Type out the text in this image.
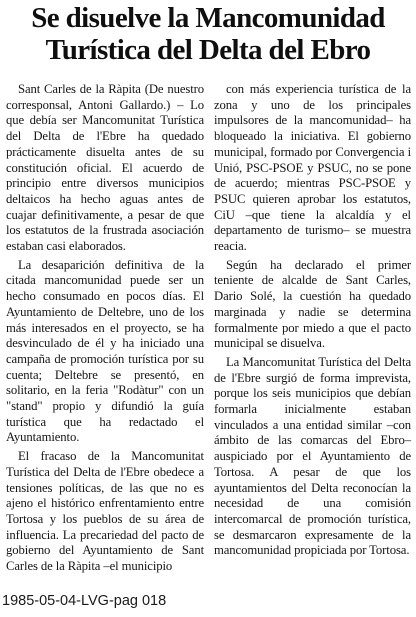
Se disuelve la Mancomunidad
Turística del Delta del Ebro

Sant Carles de la Ràpita (De nuestro corresponsal, Antoni Gallardo.) – Lo que debía ser Mancomunitat Turística del Delta de l'Ebre ha quedado prácticamente disuelta antes de su constitución oficial. El acuerdo de principio entre diversos municipios deltaicos ha hecho aguas antes de cuajar definitivamente, a pesar de que los estatutos de la frustrada asociación estaban casi elaborados.

La desaparición definitiva de la citada mancomunidad puede ser un hecho consumado en pocos días. El Ayuntamiento de Deltebre, uno de los más interesados en el proyecto, se ha desvinculado de él y ha iniciado una campaña de promoción turística por su cuenta; Deltebre se presentó, en solitario, en la feria "Rodàtur" con un "stand" propio y difundió la guía turística que ha redactado el Ayuntamiento.

El fracaso de la Mancomunitat Turística del Delta de l'Ebre obedece a tensiones políticas, de las que no es ajeno el histórico enfrentamiento entre Tortosa y los pueblos de su área de influencia. La precariedad del pacto de gobierno del Ayuntamiento de Sant Carles de la Ràpita –el municipio

con más experiencia turística de la zona y uno de los principales impulsores de la mancomunidad– ha bloqueado la iniciativa. El gobierno municipal, formado por Convergencia i Unió, PSC-PSOE y PSUC, no se pone de acuerdo; mientras PSC-PSOE y PSUC quieren aprobar los estatutos, CiU –que tiene la alcaldía y el departamento de turismo– se muestra reacia.

Según ha declarado el primer teniente de alcalde de Sant Carles, Dario Solé, la cuestión ha quedado marginada y nadie se determina formalmente por miedo a que el pacto municipal se disuelva.

La Mancomunitat Turística del Delta de l'Ebre surgió de forma imprevista, porque los seis municipios que debían formarla inicialmente estaban vinculados a una entidad similar –con ámbito de las comarcas del Ebro– auspiciado por el Ayuntamiento de Tortosa. A pesar de que los ayuntamientos del Delta reconocían la necesidad de una comisión intercomarcal de promoción turística, se desmarcaron expresamente de la mancomunidad propiciada por Tortosa.

1985-05-04-LVG-pag 018
